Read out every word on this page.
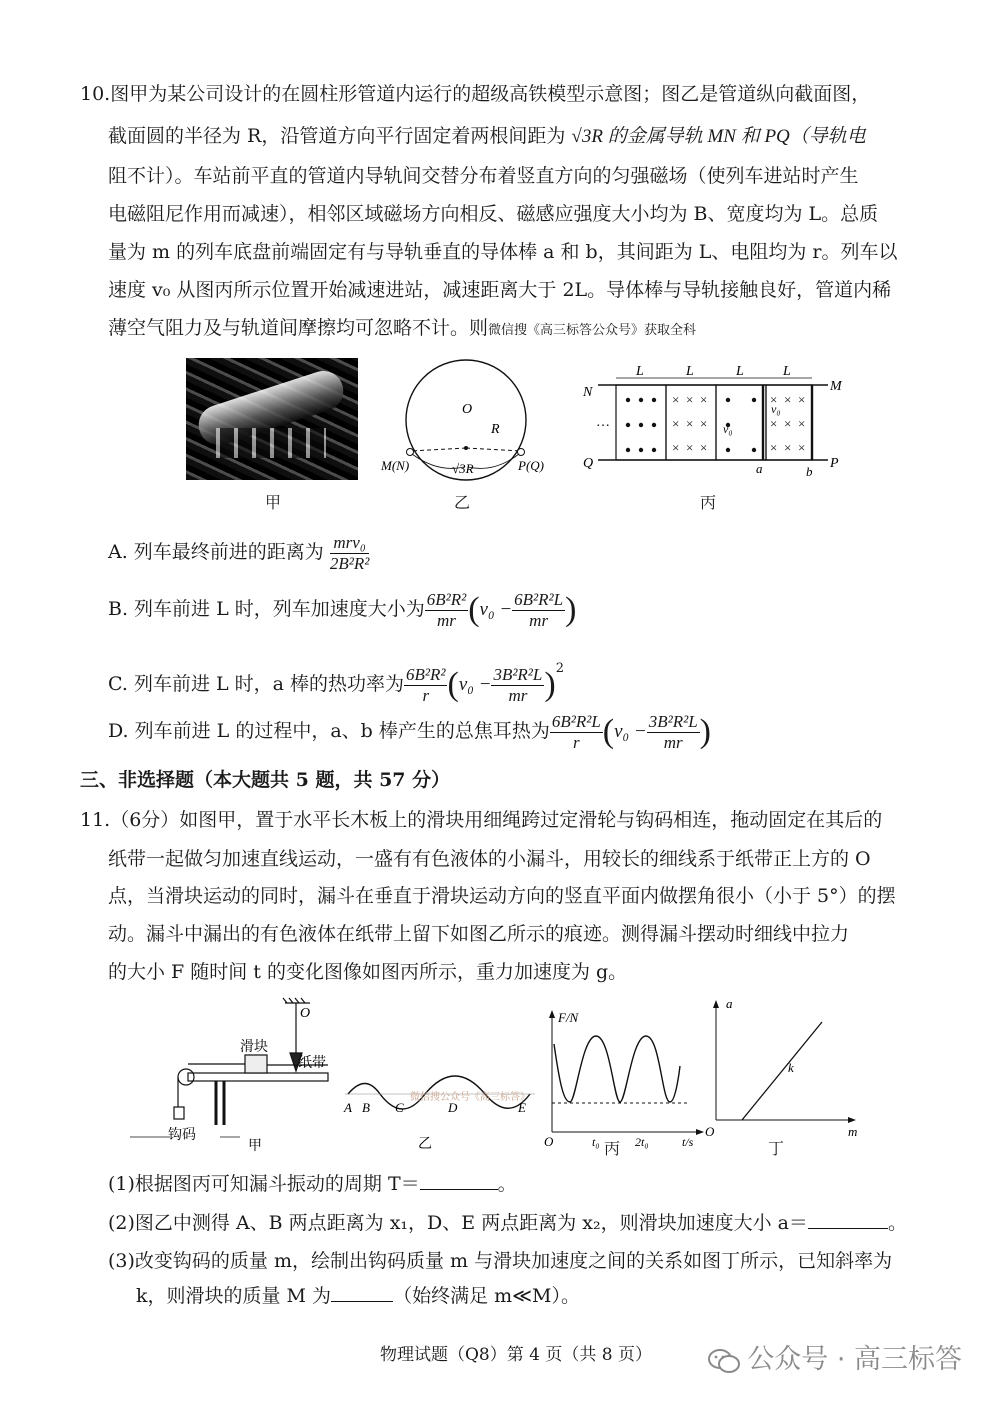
10.图甲为某公司设计的在圆柱形管道内运行的超级高铁模型示意图；图乙是管道纵向截面图，
截面圆的半径为 R，沿管道方向平行固定着两根间距为 √3R 的金属导轨 MN 和 PQ（导轨电
阻不计）。车站前平直的管道内导轨间交替分布着竖直方向的匀强磁场（使列车进站时产生
电磁阻尼作用而减速），相邻区域磁场方向相反、磁感应强度大小均为 B、宽度均为 L。总质
量为 m 的列车底盘前端固定有与导轨垂直的导体棒 a 和 b，其间距为 L、电阻均为 r。列车以
速度 v₀ 从图丙所示位置开始减速进站，减速距离大于 2L。导体棒与导轨接触良好，管道内稀
薄空气阻力及与轨道间摩擦均可忽略不计。则微信搜《高三标答公众号》获取全科
甲
O
R
M(N)	P(Q)
√3R
乙
N	M
Q	P
L	L	L	L
× × ×
× × ×
× × ×
× × ×
× × ×
× × ×
…	v₀
v₀
a	b
丙
A. 列车最终前进的距离为 $\frac{\text{mrv₀}}{\text{2B²R²}}$
B. 列车前进 L 时，列车加速度大小为 $\frac{\text{6B²R²}}{mr} (v_0 - \frac{\text{6B²R²L}}{mr}$ )
C. 列车前进 L 时，a 棒的热功率为 $\frac{\text{6B²R²}}{r} (v_0 - \frac{\text{3B²R²L}}{mr} )^2$
D. 列车前进 L 的过程中，a、b 棒产生的总焦耳热为 $\frac{\text{6B²R²L}}{r} (v_0 - \frac{\text{3B²R²L}}{mr}$ )
三、非选择题（本大题共 5 题，共 57 分）
11.（6分）如图甲，置于水平长木板上的滑块用细绳跨过定滑轮与钩码相连，拖动固定在其后的
纸带一起做匀加速直线运动，一盛有有色液体的小漏斗，用较长的细线系于纸带正上方的 O
点，当滑块运动的同时，漏斗在垂直于滑块运动方向的竖直平面内做摆角很小（小于 5°）的摆
动。漏斗中漏出的有色液体在纸带上留下如图乙所示的痕迹。测得漏斗摆动时细线中拉力
的大小 F 随时间 t 的变化图像如图丙所示，重力加速度为 g。
O
滑块
纸带
钩码
甲
A B C	D	E
微信搜公众号《高三标答》
乙
F/N
O	t₀	2t₀	t/s
丙
a
O	m
k
丁
(1)根据图丙可知漏斗振动的周期 T＝	。
(2)图乙中测得 A、B 两点距离为 x₁，D、E 两点距离为 x₂，则滑块加速度大小 a＝	。
(3)改变钩码的质量 m，绘制出钩码质量 m 与滑块加速度之间的关系如图丁所示，已知斜率为
k，则滑块的质量 M 为	（始终满足 m≪M）。
物理试题（Q8）第 4 页（共 8 页）	公众号 · 高三标答
